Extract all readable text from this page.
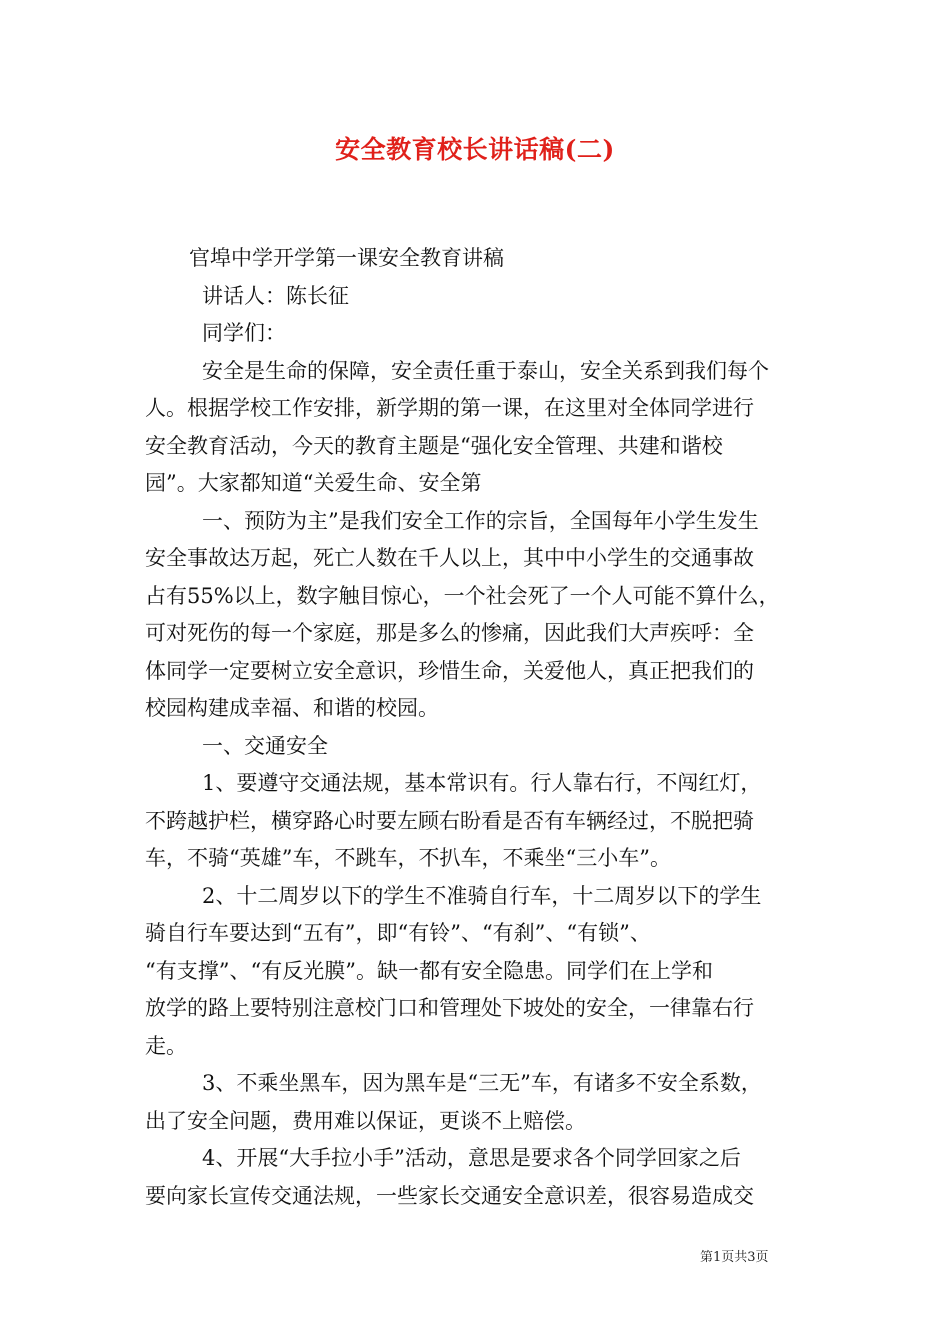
安全教育校长讲话稿(二)
官埠中学开学第一课安全教育讲稿
讲话人：陈长征
同学们：
安全是生命的保障，安全责任重于泰山，安全关系到我们每个
人。根据学校工作安排，新学期的第一课，在这里对全体同学进行
安全教育活动，今天的教育主题是“强化安全管理、共建和谐校
园”。大家都知道“关爱生命、安全第
一、预防为主”是我们安全工作的宗旨，全国每年小学生发生
安全事故达万起，死亡人数在千人以上，其中中小学生的交通事故
占有55%以上，数字触目惊心，一个社会死了一个人可能不算什么，
可对死伤的每一个家庭，那是多么的惨痛，因此我们大声疾呼：全
体同学一定要树立安全意识，珍惜生命，关爱他人，真正把我们的
校园构建成幸福、和谐的校园。
一、交通安全
1、要遵守交通法规，基本常识有。行人靠右行，不闯红灯，
不跨越护栏，横穿路心时要左顾右盼看是否有车辆经过，不脱把骑
车，不骑“英雄”车，不跳车，不扒车，不乘坐“三小车”。
2、十二周岁以下的学生不准骑自行车，十二周岁以下的学生
骑自行车要达到“五有”，即“有铃”、“有刹”、“有锁”、
“有支撑”、“有反光膜”。缺一都有安全隐患。同学们在上学和
放学的路上要特别注意校门口和管理处下坡处的安全，一律靠右行
走。
3、不乘坐黑车，因为黑车是“三无”车，有诸多不安全系数，
出了安全问题，费用难以保证，更谈不上赔偿。
4、开展“大手拉小手”活动，意思是要求各个同学回家之后
要向家长宣传交通法规，一些家长交通安全意识差，很容易造成交
第1页共3页
